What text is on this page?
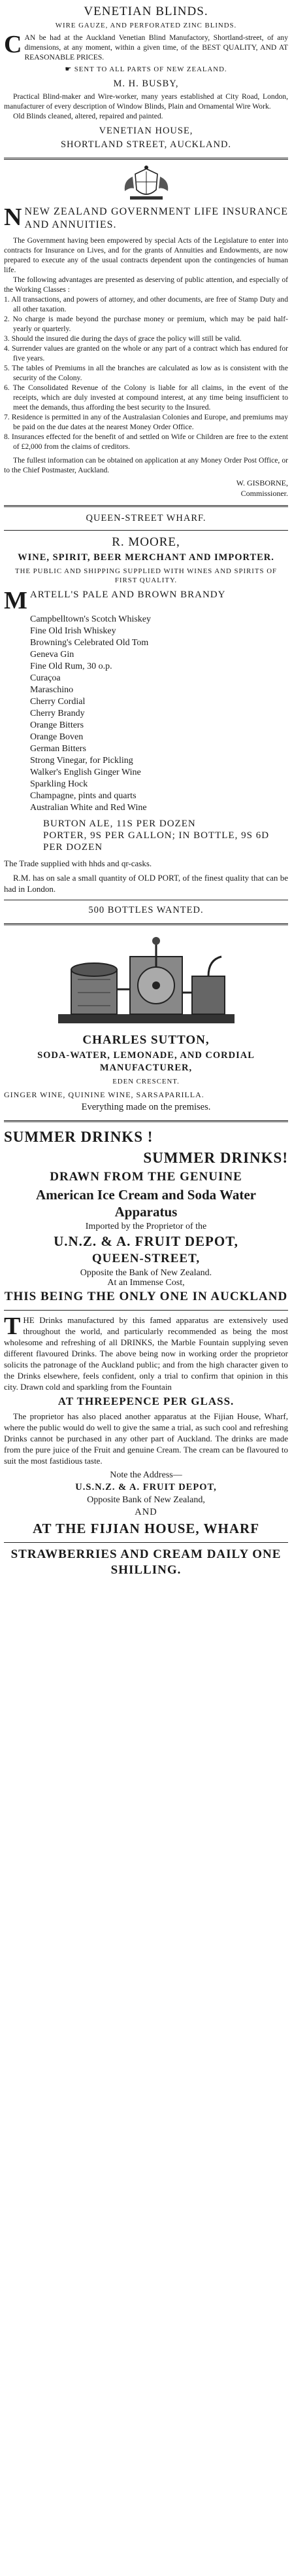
VENETIAN BLINDS.
WIRE GAUZE, AND PERFORATED ZINC BLINDS.

C AN be had at the Auckland Venetian Blind Manufactory, Shortland-street, of any dimensions, at any moment, within a given time, of the BEST QUALITY, AND AT REASONABLE PRICES.

☛ SENT TO ALL PARTS OF NEW ZEALAND.
M. H. BUSBY,

Practical Blind-maker and Wire-worker, many years established at City Road, London, manufacturer of every description of Window Blinds, Plain and Ornamental Wire Work.

Old Blinds cleaned, altered, repaired and painted.

VENETIAN HOUSE,
SHORTLAND STREET, AUCKLAND.

N NEW ZEALAND GOVERNMENT LIFE INSURANCE AND ANNUITIES.

The Government having been empowered by special Acts of the Legislature to enter into contracts for Insurance on Lives, and for the grants of Annuities and Endowments, are now prepared to execute any of the usual contracts dependent upon the contingencies of human life.

The following advantages are presented as deserving of public attention, and especially of the Working Classes :

1. All transactions, and powers of attorney, and other documents, are free of Stamp Duty and all other taxation.

2. No charge is made beyond the purchase money or premium, which may be paid half-yearly or quarterly.

3. Should the insured die during the days of grace the policy will still be valid.

4. Surrender values are granted on the whole or any part of a contract which has endured for five years.

5. The tables of Premiums in all the branches are calculated as low as is consistent with the security of the Colony.

6. The Consolidated Revenue of the Colony is liable for all claims, in the event of the receipts, which are duly invested at compound interest, at any time being insufficient to meet the demands, thus affording the best security to the Insured.

7. Residence is permitted in any of the Australasian Colonies and Europe, and premiums may be paid on the due dates at the nearest Money Order Office.

8. Insurances effected for the benefit of and settled on Wife or Children are free to the extent of £2,000 from the claims of creditors.

The fullest information can be obtained on application at any Money Order Post Office, or to the Chief Postmaster, Auckland.

W. GISBORNE,
Commissioner.
QUEEN-STREET WHARF.
R. MOORE,
WINE, SPIRIT, BEER MERCHANT AND IMPORTER.
THE PUBLIC AND SHIPPING SUPPLIED WITH WINES AND SPIRITS OF FIRST QUALITY.

M ARTELL'S PALE AND BROWN BRANDY

Campbelltown's Scotch Whiskey
Fine Old Irish Whiskey
Browning's Celebrated Old Tom
Geneva Gin
Fine Old Rum, 30 o.p.
Curaçoa
Maraschino
Cherry Cordial
Cherry Brandy
Orange Bitters
Orange Boven
German Bitters
Strong Vinegar, for Pickling
Walker's English Ginger Wine
Sparkling Hock
Champagne, pints and quarts
Australian White and Red Wine
BURTON ALE, 11S PER DOZEN
PORTER, 9S PER GALLON; IN BOTTLE, 9S 6D PER DOZEN

The Trade supplied with hhds and qr-casks.

R.M. has on sale a small quantity of OLD PORT, of the finest quality that can be had in London.

500 BOTTLES WANTED.
CHARLES SUTTON,
SODA-WATER, LEMONADE, AND CORDIAL MANUFACTURER,
EDEN CRESCENT.

GINGER WINE, QUININE WINE, SARSAPARILLA.

Everything made on the premises.
SUMMER DRINKS !
SUMMER DRINKS!
DRAWN FROM THE GENUINE
American Ice Cream and Soda Water Apparatus
Imported by the Proprietor of the
U.N.Z. & A. FRUIT DEPOT,
QUEEN-STREET,
Opposite the Bank of New Zealand.
At an Immense Cost,
THIS BEING THE ONLY ONE IN AUCKLAND

T HE Drinks manufactured by this famed apparatus are extensively used throughout the world, and particularly recommended as being the most wholesome and refreshing of all DRINKS, the Marble Fountain supplying seven different flavoured Drinks. The above being now in working order the proprietor solicits the patronage of the Auckland public; and from the high character given to the Drinks elsewhere, feels confident, only a trial to confirm that opinion in this city. Drawn cold and sparkling from the Fountain

AT THREEPENCE PER GLASS.

The proprietor has also placed another apparatus at the Fijian House, Wharf, where the public would do well to give the same a trial, as such cool and refreshing Drinks cannot be purchased in any other part of Auckland. The drinks are made from the pure juice of the Fruit and genuine Cream. The cream can be flavoured to suit the most fastidious taste.

Note the Address—
U.S.N.Z. & A. FRUIT DEPOT,
Opposite Bank of New Zealand,
AND
AT THE FIJIAN HOUSE, WHARF
STRAWBERRIES AND CREAM DAILY ONE SHILLING.
